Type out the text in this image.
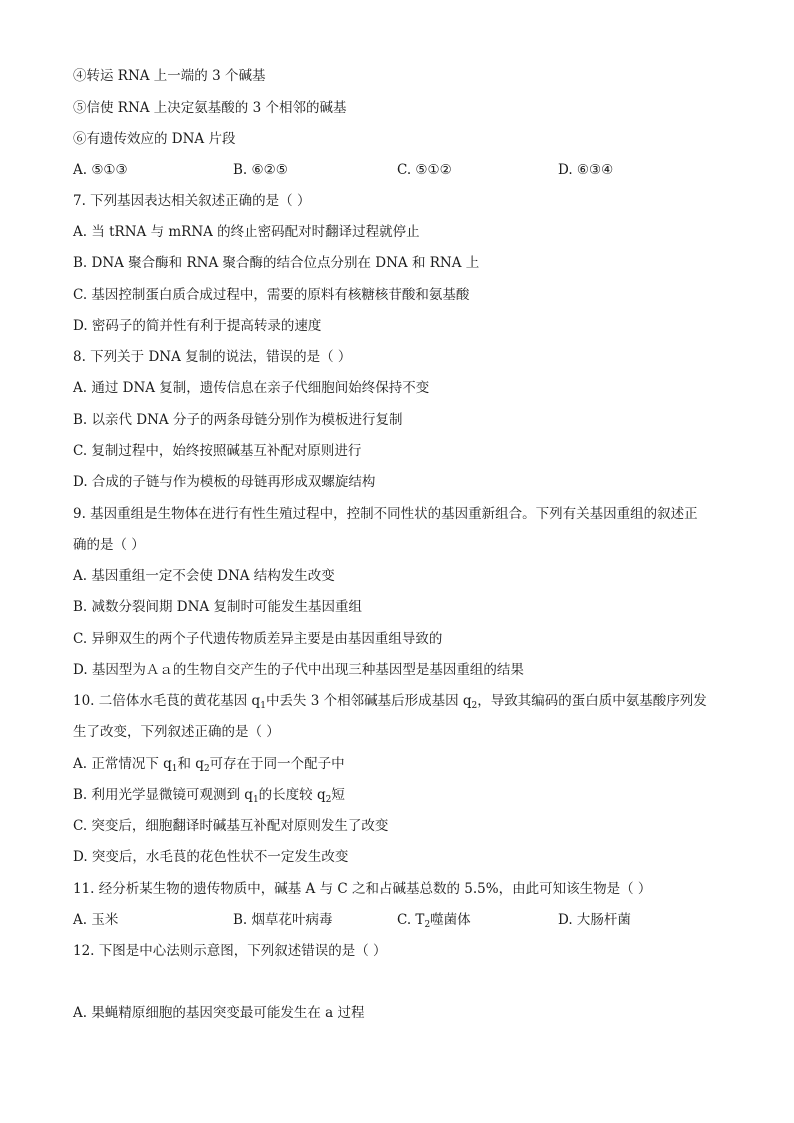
④转运 RNA 上一端的 3 个碱基
⑤信使 RNA 上决定氨基酸的 3 个相邻的碱基
⑥有遗传效应的 DNA 片段
A. ⑤①③	B. ⑥②⑤	C. ⑤①②	D. ⑥③④
7. 下列基因表达相关叙述正确的是（ ）
A. 当 tRNA 与 mRNA 的终止密码配对时翻译过程就停止
B. DNA 聚合酶和 RNA 聚合酶的结合位点分别在 DNA 和 RNA 上
C. 基因控制蛋白质合成过程中，需要的原料有核糖核苷酸和氨基酸
D. 密码子的简并性有利于提高转录的速度
8. 下列关于 DNA 复制的说法，错误的是（ ）
A. 通过 DNA 复制，遗传信息在亲子代细胞间始终保持不变
B. 以亲代 DNA 分子的两条母链分别作为模板进行复制
C. 复制过程中，始终按照碱基互补配对原则进行
D. 合成的子链与作为模板的母链再形成双螺旋结构
9. 基因重组是生物体在进行有性生殖过程中，控制不同性状的基因重新组合。下列有关基因重组的叙述正
确的是（ ）
A. 基因重组一定不会使 DNA 结构发生改变
B. 减数分裂间期 DNA 复制时可能发生基因重组
C. 异卵双生的两个子代遗传物质差异主要是由基因重组导致的
D. 基因型为Ａａ的生物自交产生的子代中出现三种基因型是基因重组的结果
10. 二倍体水毛茛的黄花基因 $q_1$中丢失 3 个相邻碱基后形成基因 $q_2$，导致其编码的蛋白质中氨基酸序列发
生了改变，下列叙述正确的是（ ）
A. 正常情况下 $q_1$和 $q_2$可存在于同一个配子中
B. 利用光学显微镜可观测到 $q_1$的长度较 $q_2$短
C. 突变后，细胞翻译时碱基互补配对原则发生了改变
D. 突变后，水毛茛的花色性状不一定发生改变
11. 经分析某生物的遗传物质中，碱基 A 与 C 之和占碱基总数的 5.5%，由此可知该生物是（ ）
A. 玉米	B. 烟草花叶病毒	C. $T_2$噬菌体	D. 大肠杆菌
12. 下图是中心法则示意图，下列叙述错误的是（ ）
A. 果蝇精原细胞的基因突变最可能发生在 a 过程
